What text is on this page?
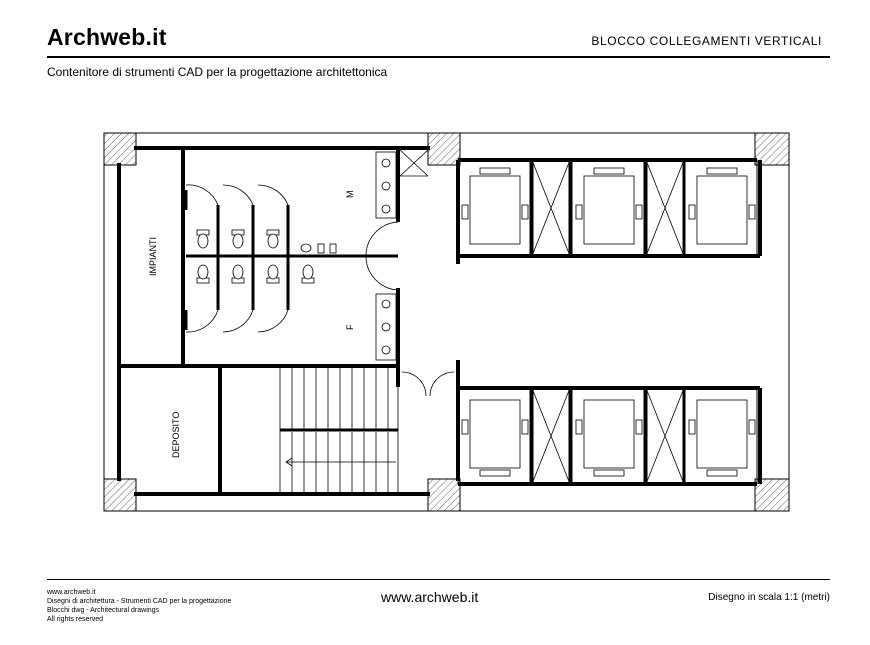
Archweb.it	BLOCCO COLLEGAMENTI VERTICALI
Contenitore di strumenti CAD per la progettazione architettonica
IMPIANTI
DEPOSITO
M
F
www.archweb.it
Disegni di architettura - Strumenti CAD per la progettazione
Blocchi dwg - Architectural drawings
All rights reserved
www.archweb.it	Disegno in scala 1:1 (metri)
